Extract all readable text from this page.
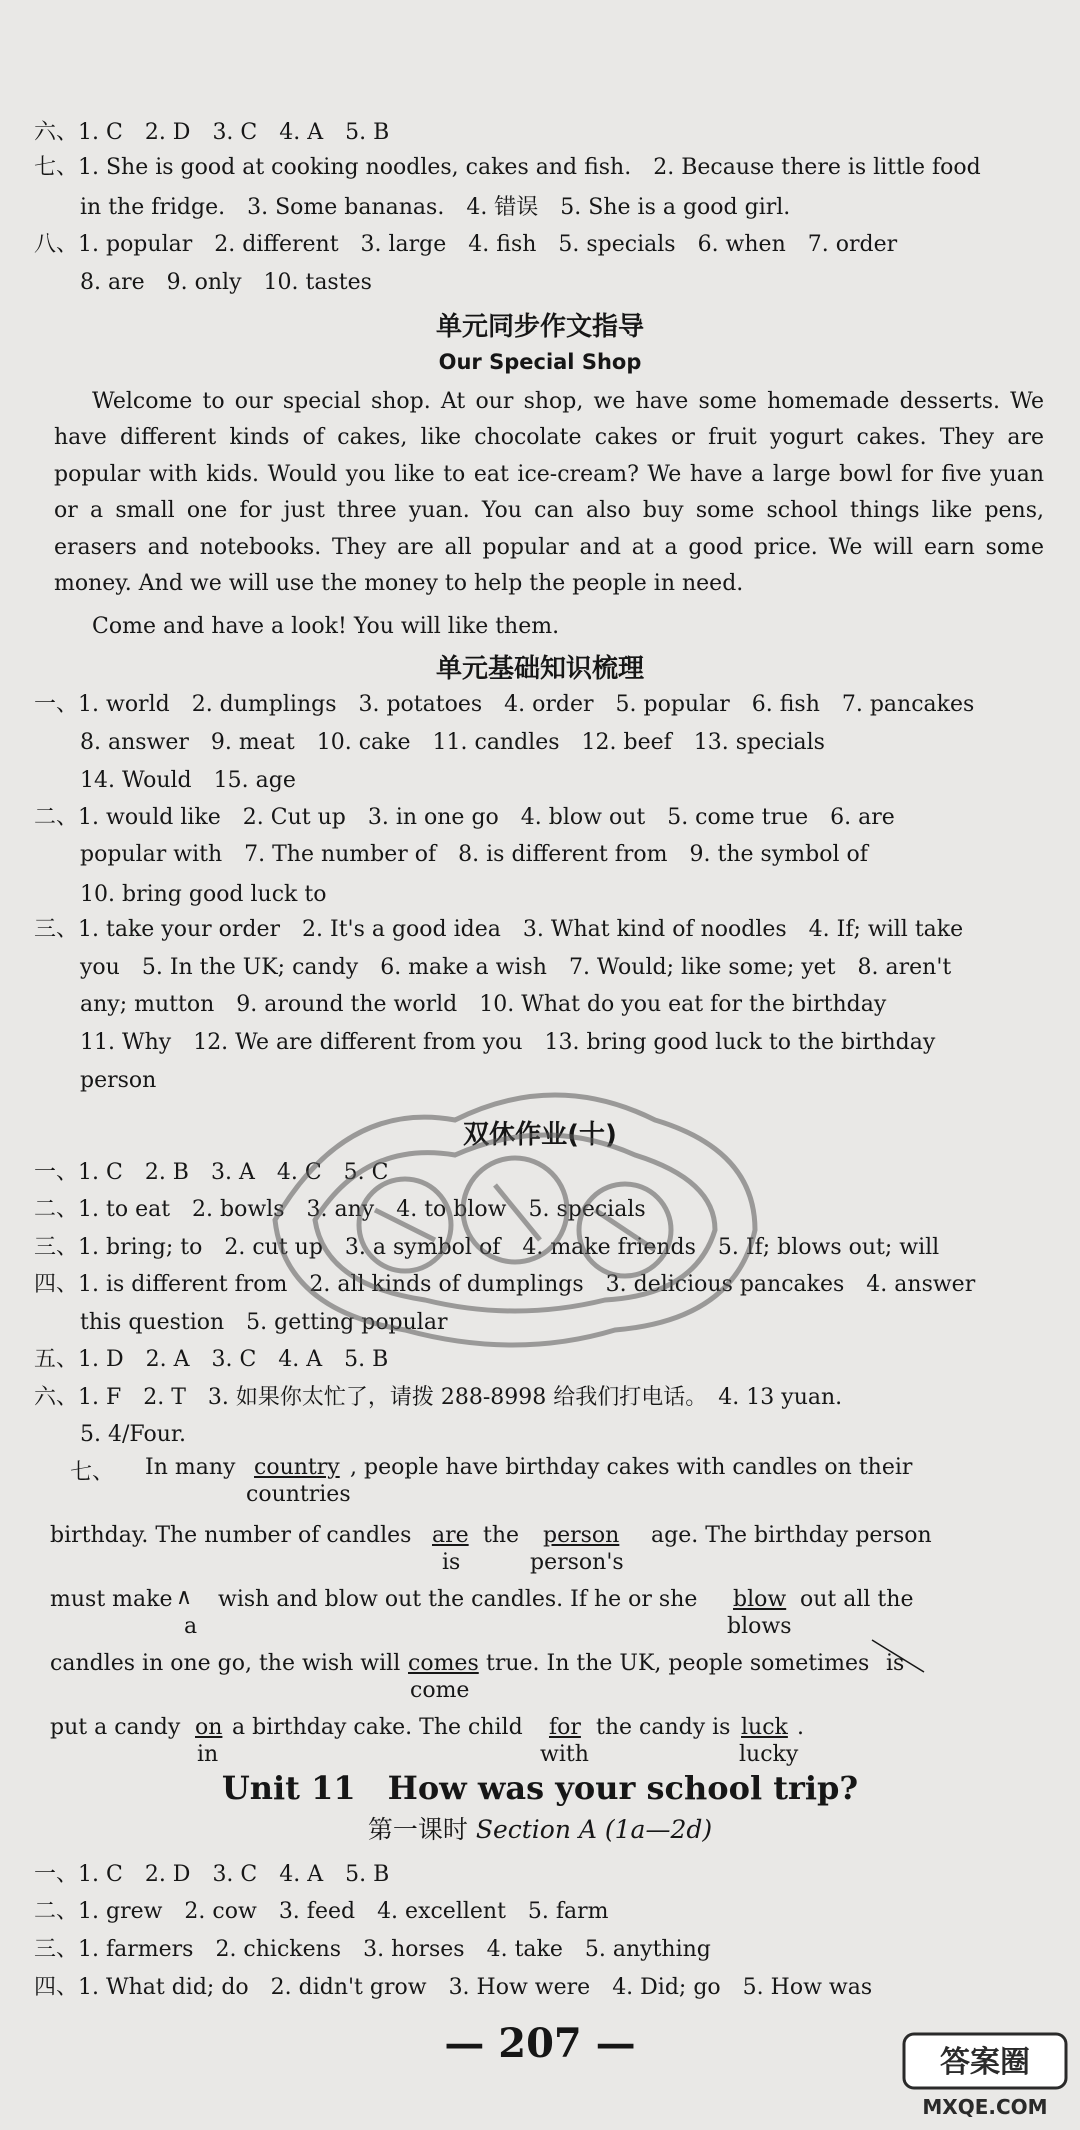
六、1. C　2. D　3. C　4. A　5. B
七、1. She is good at cooking noodles, cakes and fish.　2. Because there is little food
in the fridge.　3. Some bananas.　4. 错误　5. She is a good girl.
八、1. popular　2. different　3. large　4. fish　5. specials　6. when　7. order
8. are　9. only　10. tastes
单元同步作文指导
Our Special Shop
Welcome to our special shop. At our shop, we have some homemade desserts. We have different kinds of cakes, like chocolate cakes or fruit yogurt cakes. They are popular with kids. Would you like to eat ice-cream? We have a large bowl for five yuan or a small one for just three yuan. You can also buy some school things like pens, erasers and notebooks. They are all popular and at a good price. We will earn some money. And we will use the money to help the people in need.
Come and have a look! You will like them.
单元基础知识梳理
一、1. world　2. dumplings　3. potatoes　4. order　5. popular　6. fish　7. pancakes
8. answer　9. meat　10. cake　11. candles　12. beef　13. specials
14. Would　15. age
二、1. would like　2. Cut up　3. in one go　4. blow out　5. come true　6. are
popular with　7. The number of　8. is different from　9. the symbol of
10. bring good luck to
三、1. take your order　2. It's a good idea　3. What kind of noodles　4. If; will take
you　5. In the UK; candy　6. make a wish　7. Would; like some; yet　8. aren't
any; mutton　9. around the world　10. What do you eat for the birthday
11. Why　12. We are different from you　13. bring good luck to the birthday
person
双休作业(十)
一、1. C　2. B　3. A　4. C　5. C
二、1. to eat　2. bowls　3. any　4. to blow　5. specials
三、1. bring; to　2. cut up　3. a symbol of　4. make friends　5. If; blows out; will
四、1. is different from　2. all kinds of dumplings　3. delicious pancakes　4. answer
this question　5. getting popular
五、1. D　2. A　3. C　4. A　5. B
六、1. F　2. T　3. 如果你太忙了，请拨 288-8998 给我们打电话。　4. 13 yuan.
5. 4/Four.
七、 In many country
countries
, people have birthday cakes with candles on their
birthday. The number of candles are
is
the person
person's
age. The birthday person
must make ∧
a
wish and blow out the candles. If he or she blow
blows
out all the
candles in one go, the wish will comes
come
true. In the UK, people sometimes is
put a candy on
in
a birthday cake. The child for
with
the candy is luck
lucky
.
Unit 11　How was your school trip?
第一课时 Section A (1a—2d)
一、1. C　2. D　3. C　4. A　5. B
二、1. grew　2. cow　3. feed　4. excellent　5. farm
三、1. farmers　2. chickens　3. horses　4. take　5. anything
四、1. What did; do　2. didn't grow　3. How were　4. Did; go　5. How was
— 207 —	答案圈
MXQE.COM
